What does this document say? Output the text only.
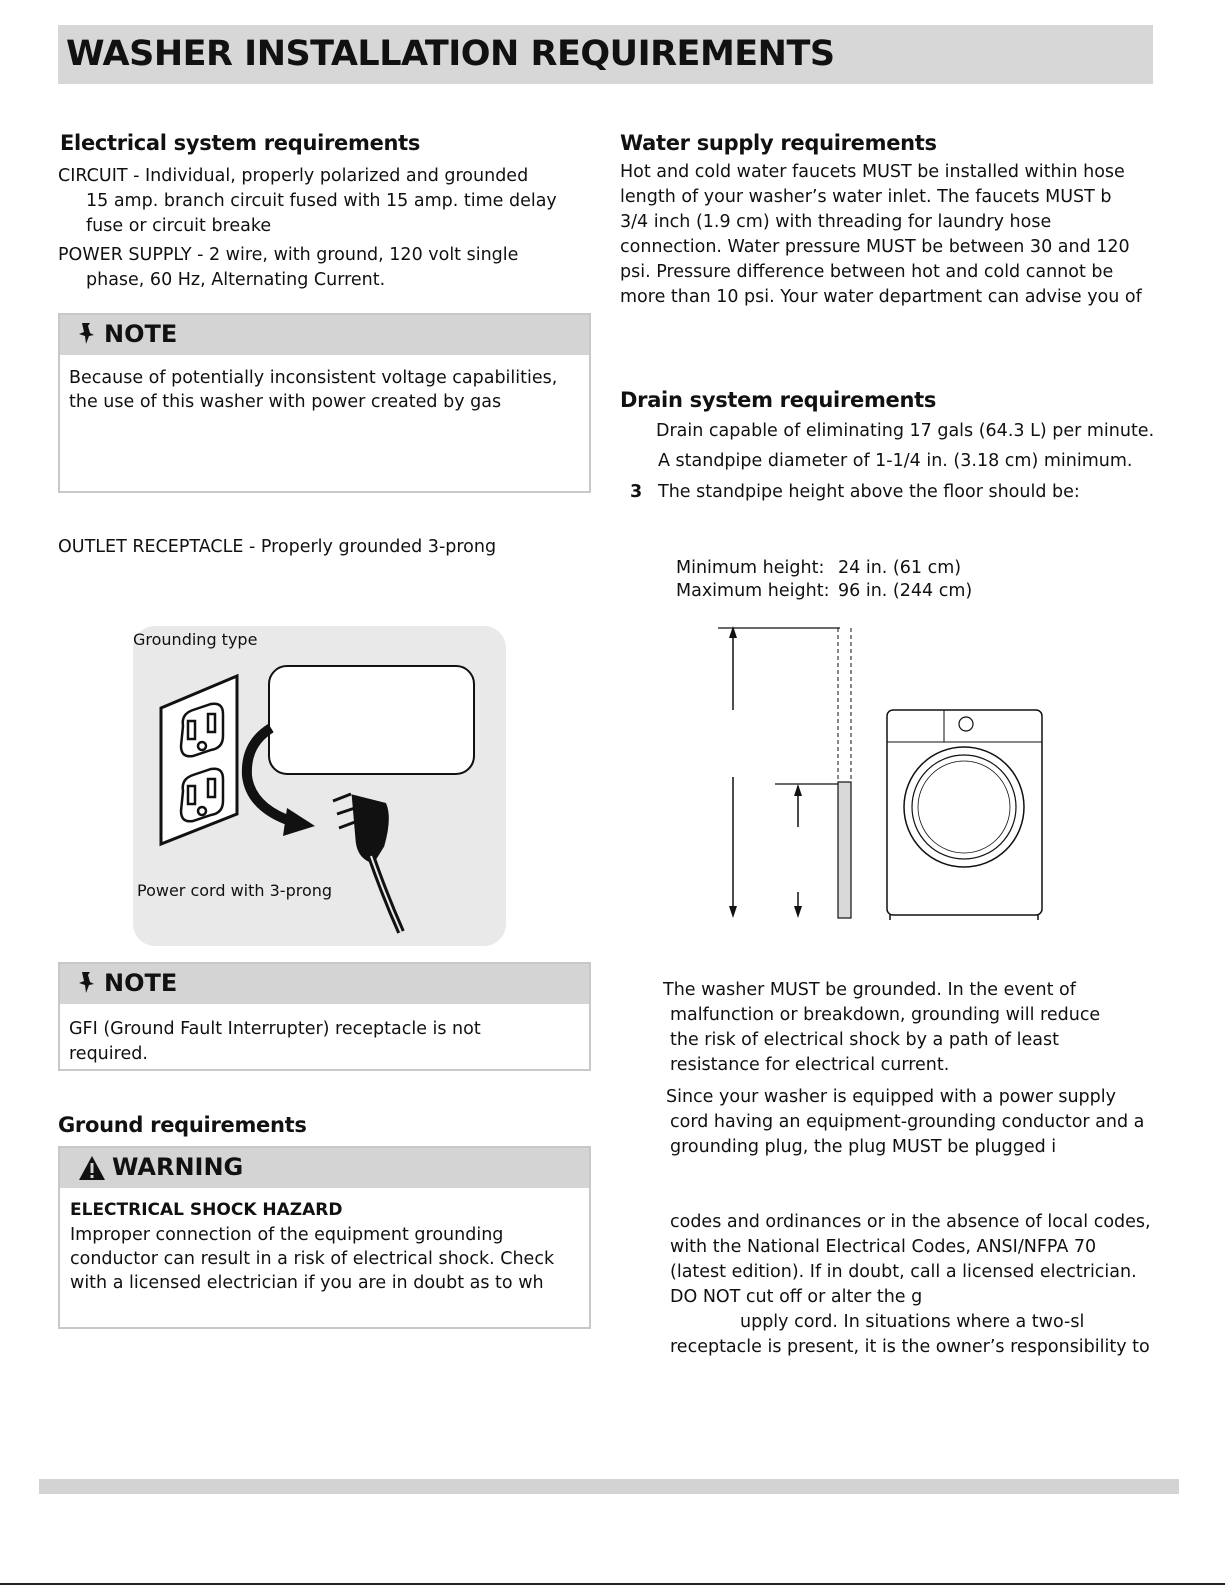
WASHER INSTALLATION REQUIREMENTS
Electrical system requirements
CIRCUIT - Individual, properly polarized and grounded
15 amp. branch circuit fused with 15 amp. time delay
fuse or circuit breake
POWER SUPPLY - 2 wire, with ground, 120 volt single
phase, 60 Hz, Alternating Current.
NOTE
Because of potentially inconsistent voltage capabilities,
the use of this washer with power created by gas
OUTLET RECEPTACLE - Properly grounded 3-prong
Grounding type
Power cord with 3-prong
NOTE
GFI (Ground Fault Interrupter) receptacle is not
required.
Ground requirements
WARNING
ELECTRICAL SHOCK HAZARD
Improper connection of the equipment grounding
conductor can result in a risk of electrical shock. Check
with a licensed electrician if you are in doubt as to wh
Water supply requirements
Hot and cold water faucets MUST be installed within hose
length of your washer’s water inlet. The faucets MUST b
3/4 inch (1.9 cm) with threading for laundry hose
connection. Water pressure MUST be between 30 and 120
psi. Pressure difference between hot and cold cannot be
more than 10 psi. Your water department can advise you of
Drain system requirements
Drain capable of eliminating 17 gals (64.3 L) per minute.
A standpipe diameter of 1-1/4 in. (3.18 cm) minimum.
3 The standpipe height above the floor should be:
Minimum height: 24 in. (61 cm)
Maximum height: 96 in. (244 cm)
The washer MUST be grounded. In the event of
malfunction or breakdown, grounding will reduce
the risk of electrical shock by a path of least
resistance for electrical current.
Since your washer is equipped with a power supply
cord having an equipment-grounding conductor and a
grounding plug, the plug MUST be plugged i
codes and ordinances or in the absence of local codes,
with the National Electrical Codes, ANSI/NFPA 70
(latest edition). If in doubt, call a licensed electrician.
DO NOT cut off or alter the g
upply cord. In situations where a two-sl
receptacle is present, it is the owner’s responsibility to
